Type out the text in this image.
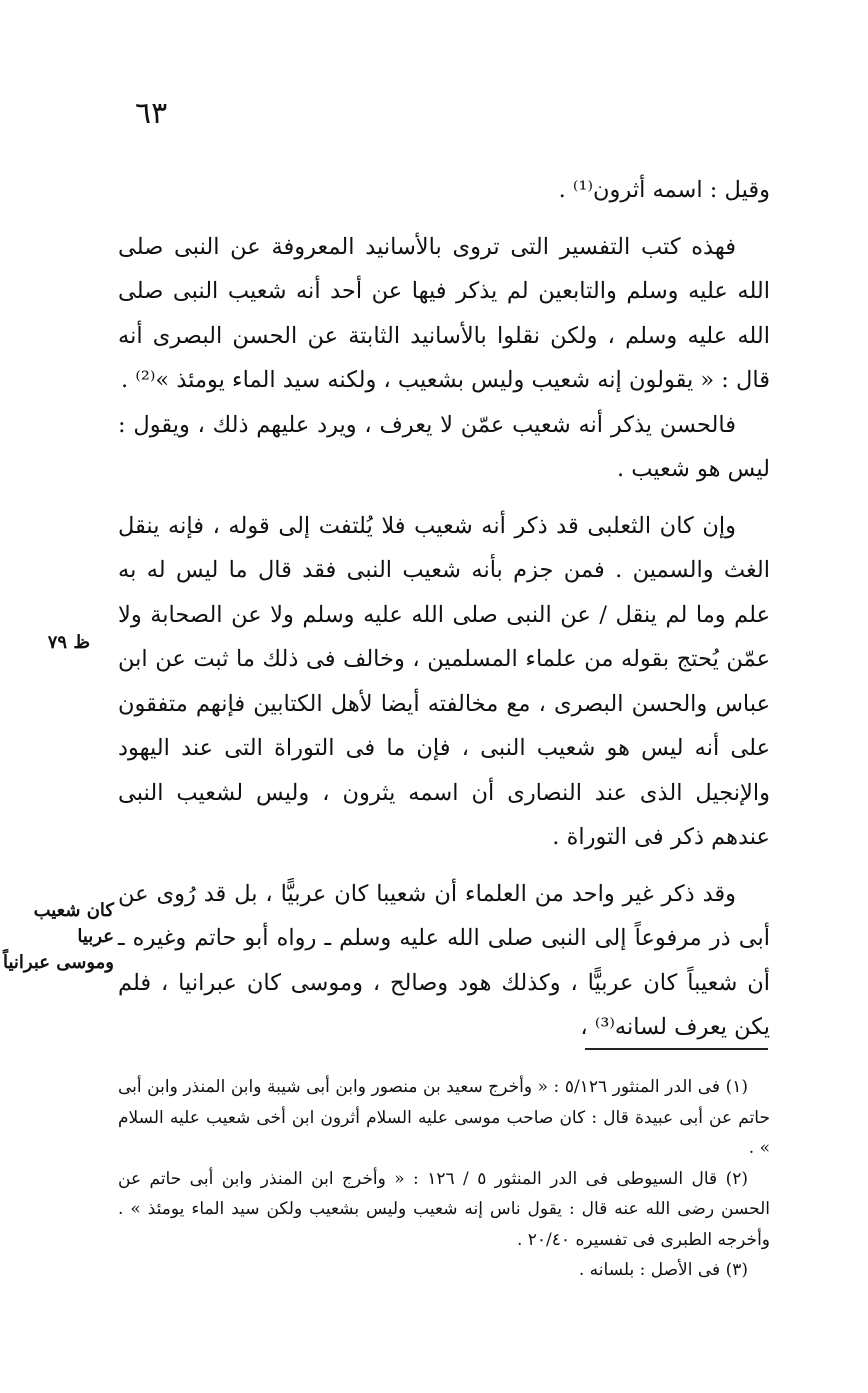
٦٣

وقيل : اسمه أثرون⁽¹⁾ .

فهذه كتب التفسير التى تروى بالأسانيد المعروفة عن النبى صلى الله عليه وسلم والتابعين لم يذكر فيها عن أحد أنه شعيب النبى صلى الله عليه وسلم ، ولكن نقلوا بالأسانيد الثابتة عن الحسن البصرى أنه قال : « يقولون إنه شعيب وليس بشعيب ، ولكنه سيد الماء يومئذ »⁽²⁾ .

فالحسن يذكر أنه شعيب عمّن لا يعرف ، ويرد عليهم ذلك ، ويقول : ليس هو شعيب .

وإن كان الثعلبى قد ذكر أنه شعيب فلا يُلتفت إلى قوله ، فإنه ينقل الغث والسمين . فمن جزم بأنه شعيب النبى فقد قال ما ليس له به علم وما لم ينقل / عن النبى صلى الله عليه وسلم ولا عن الصحابة ولا عمّن يُحتج بقوله من علماء المسلمين ، وخالف فى ذلك ما ثبت عن ابن عباس والحسن البصرى ، مع مخالفته أيضا لأهل الكتابين فإنهم متفقون على أنه ليس هو شعيب النبى ، فإن ما فى التوراة التى عند اليهود والإنجيل الذى عند النصارى أن اسمه يثرون ، وليس لشعيب النبى عندهم ذكر فى التوراة .

وقد ذكر غير واحد من العلماء أن شعيبا كان عربيًّا ، بل قد رُوى عن أبى ذر مرفوعاً إلى النبى صلى الله عليه وسلم ـ رواه أبو حاتم وغيره ـ أن شعيباً كان عربيًّا ، وكذلك هود وصالح ، وموسى كان عبرانيا ، فلم يكن يعرف لسانه⁽³⁾ ،

ظ ٧٩
كان شعيب عربيا
وموسى عبرانياً

(١) فى الدر المنثور ٥/١٢٦ : « وأخرج سعيد بن منصور وابن أبى شيبة وابن المنذر وابن أبى حاتم عن أبى عبيدة قال : كان صاحب موسى عليه السلام أثرون ابن أخى شعيب عليه السلام » .

(٢) قال السيوطى فى الدر المنثور ٥ / ١٢٦ : « وأخرج ابن المنذر وابن أبى حاتم عن الحسن رضى الله عنه قال : يقول ناس إنه شعيب وليس بشعيب ولكن سيد الماء يومئذ » . وأخرجه الطبرى فى تفسيره ٢٠/٤٠ .

(٣) فى الأصل : بلسانه .
